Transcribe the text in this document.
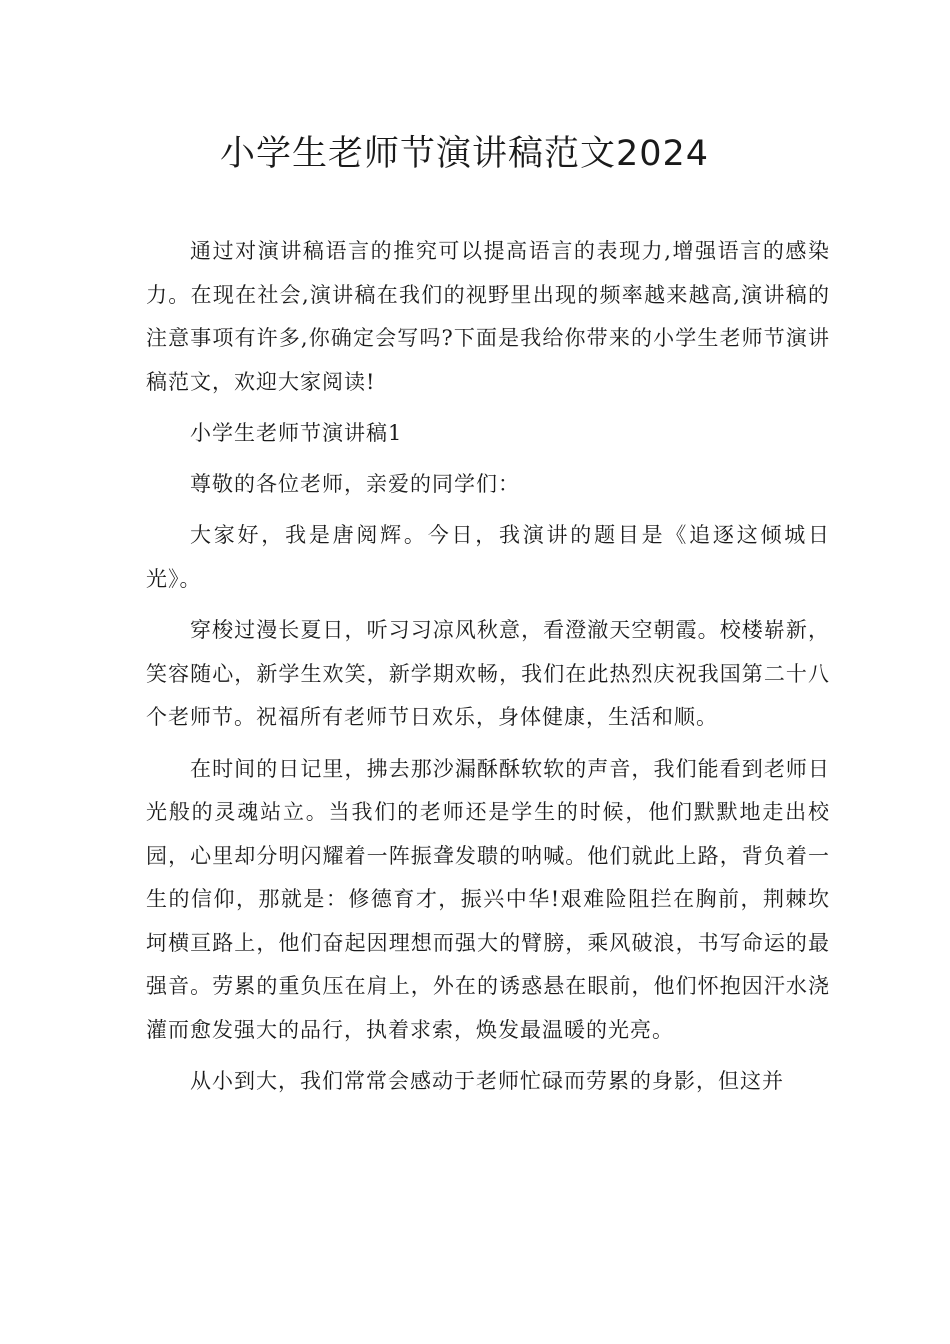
小学生老师节演讲稿范文2024

通过对演讲稿语言的推究可以提高语言的表现力,增强语言的感染力。在现在社会,演讲稿在我们的视野里出现的频率越来越高,演讲稿的注意事项有许多,你确定会写吗?下面是我给你带来的小学生老师节演讲稿范文，欢迎大家阅读!

小学生老师节演讲稿1

尊敬的各位老师，亲爱的同学们：

大家好，我是唐阅辉。今日，我演讲的题目是《追逐这倾城日光》。

穿梭过漫长夏日，听习习凉风秋意，看澄澈天空朝霞。校楼崭新，笑容随心，新学生欢笑，新学期欢畅，我们在此热烈庆祝我国第二十八个老师节。祝福所有老师节日欢乐，身体健康，生活和顺。

在时间的日记里，拂去那沙漏酥酥软软的声音，我们能看到老师日光般的灵魂站立。当我们的老师还是学生的时候，他们默默地走出校园，心里却分明闪耀着一阵振聋发聩的呐喊。他们就此上路，背负着一生的信仰，那就是：修德育才，振兴中华!艰难险阻拦在胸前，荆棘坎坷横亘路上，他们奋起因理想而强大的臂膀，乘风破浪，书写命运的最强音。劳累的重负压在肩上，外在的诱惑悬在眼前，他们怀抱因汗水浇灌而愈发强大的品行，执着求索，焕发最温暖的光亮。

从小到大，我们常常会感动于老师忙碌而劳累的身影，但这并
